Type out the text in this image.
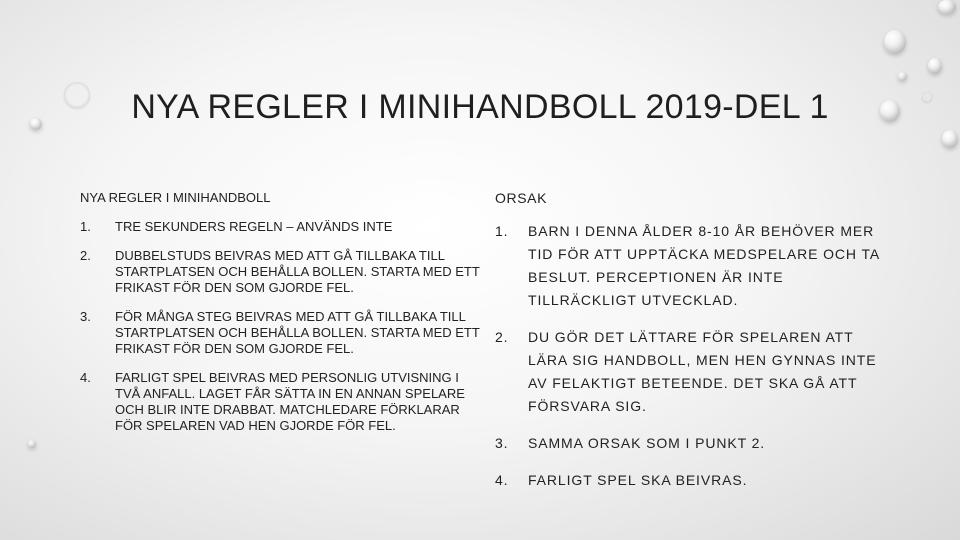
NYA REGLER I MINIHANDBOLL 2019-DEL 1

NYA REGLER I MINIHANDBOLL

1.	TRE SEKUNDERS REGELN – ANVÄNDS INTE
2.	DUBBELSTUDS BEIVRAS MED ATT GÅ TILLBAKA TILL STARTPLATSEN OCH BEHÅLLA BOLLEN. STARTA MED ETT FRIKAST FÖR DEN SOM GJORDE FEL.
3.	FÖR MÅNGA STEG BEIVRAS MED ATT GÅ TILLBAKA TILL STARTPLATSEN OCH BEHÅLLA BOLLEN. STARTA MED ETT FRIKAST FÖR DEN SOM GJORDE FEL.
4.	FARLIGT SPEL BEIVRAS MED PERSONLIG UTVISNING I TVÅ ANFALL. LAGET FÅR SÄTTA IN EN ANNAN SPELARE OCH BLIR INTE DRABBAT. MATCHLEDARE FÖRKLARAR FÖR SPELAREN VAD HEN GJORDE FÖR FEL.

ORSAK

1.	BARN I DENNA ÅLDER 8-10 ÅR BEHÖVER MER TID FÖR ATT UPPTÄCKA MEDSPELARE OCH TA BESLUT. PERCEPTIONEN ÄR INTE TILLRÄCKLIGT UTVECKLAD.
2.	DU GÖR DET LÄTTARE FÖR SPELAREN ATT LÄRA SIG HANDBOLL, MEN HEN GYNNAS INTE AV FELAKTIGT BETEENDE. DET SKA GÅ ATT FÖRSVARA SIG.
3.	SAMMA ORSAK SOM I PUNKT 2.
4.	FARLIGT SPEL SKA BEIVRAS.
